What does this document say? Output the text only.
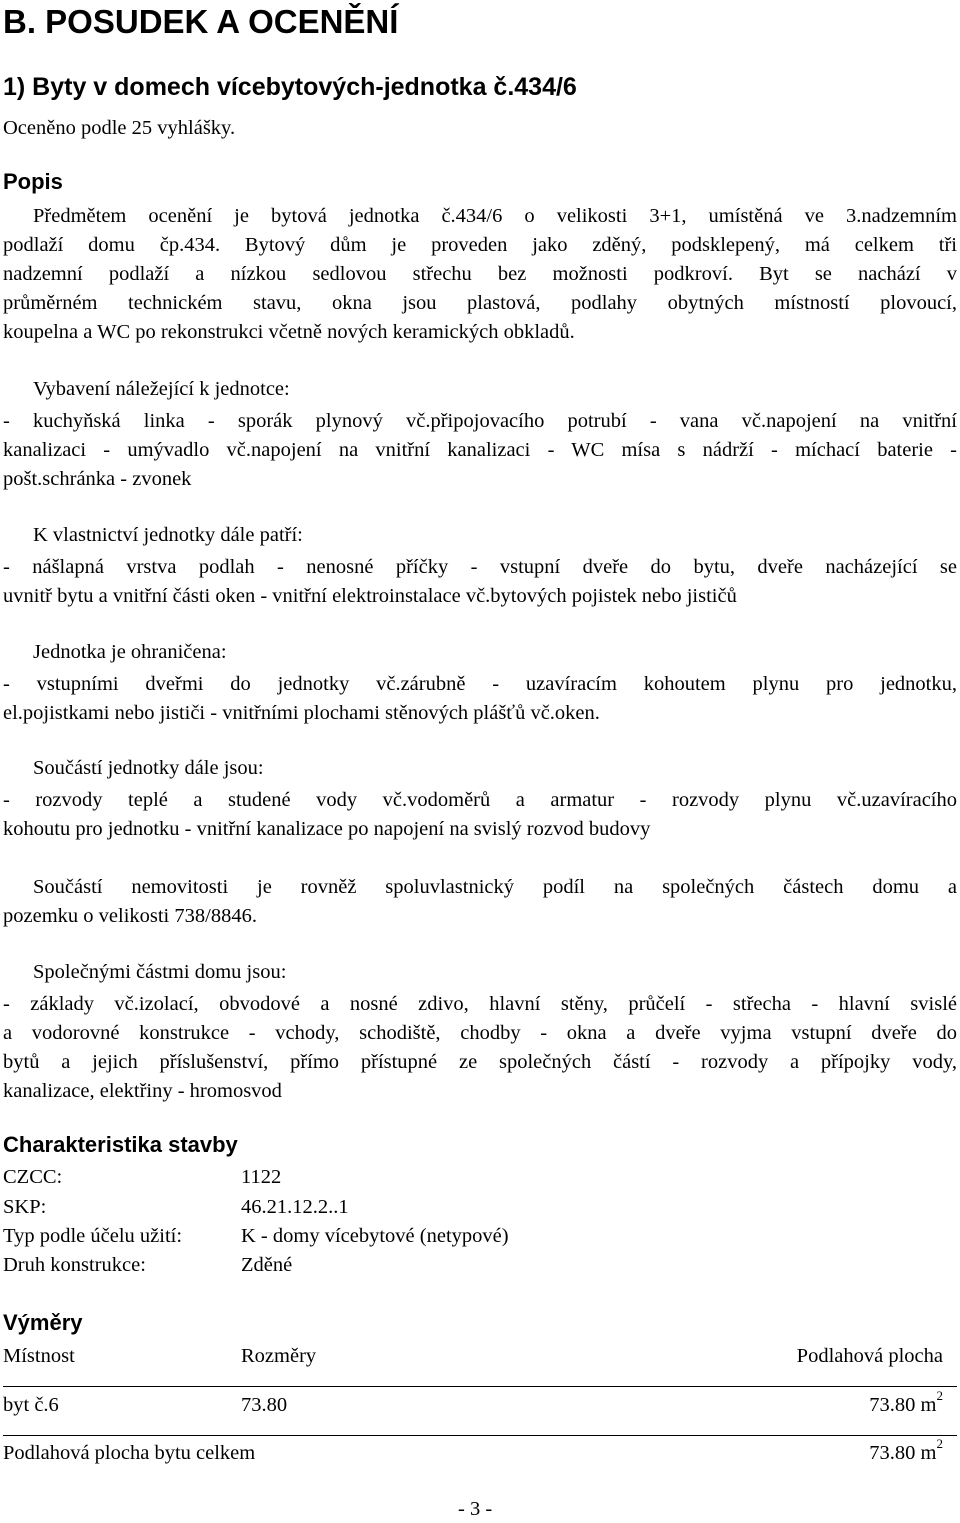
B. POSUDEK A OCENĚNÍ
1) Byty v domech vícebytových-jednotka č.434/6
Oceněno podle 25 vyhlášky.
Popis
Předmětem ocenění je bytová jednotka č.434/6 o velikosti 3+1, umístěná ve 3.nadzemním
podlaží domu čp.434. Bytový dům je proveden jako zděný, podsklepený, má celkem tři
nadzemní podlaží a nízkou sedlovou střechu bez možnosti podkroví. Byt se nachází v
průměrném technickém stavu, okna jsou plastová, podlahy obytných místností plovoucí,
koupelna a WC po rekonstrukci včetně nových keramických obkladů.
Vybavení náležející k jednotce:
- kuchyňská linka - sporák plynový vč.připojovacího potrubí - vana vč.napojení na vnitřní
kanalizaci - umývadlo vč.napojení na vnitřní kanalizaci - WC mísa s nádrží - míchací baterie -
pošt.schránka - zvonek
K vlastnictví jednotky dále patří:
- nášlapná vrstva podlah - nenosné příčky - vstupní dveře do bytu, dveře nacházející se
uvnitř bytu a vnitřní části oken - vnitřní elektroinstalace vč.bytových pojistek nebo jističů
Jednotka je ohraničena:
- vstupními dveřmi do jednotky vč.zárubně - uzavíracím kohoutem plynu pro jednotku,
el.pojistkami nebo jističi - vnitřními plochami stěnových plášťů vč.oken.
Součástí jednotky dále jsou:
- rozvody teplé a studené vody vč.vodoměrů a armatur - rozvody plynu vč.uzavíracího
kohoutu pro jednotku - vnitřní kanalizace po napojení na svislý rozvod budovy
Součástí nemovitosti je rovněž spoluvlastnický podíl na společných částech domu a
pozemku o velikosti 738/8846.
Společnými částmi domu jsou:
- základy vč.izolací, obvodové a nosné zdivo, hlavní stěny, průčelí - střecha - hlavní svislé
a vodorovné konstrukce - vchody, schodiště, chodby - okna a dveře vyjma vstupní dveře do
bytů a jejich příslušenství, přímo přístupné ze společných částí - rozvody a přípojky vody,
kanalizace, elektřiny - hromosvod
Charakteristika stavby
CZCC:	1122
SKP:	46.21.12.2..1
Typ podle účelu užití:	K - domy vícebytové (netypové)
Druh konstrukce:	Zděné
Výměry
Místnost	Rozměry	Podlahová plocha
byt č.6	73.80	73.80 $m^2$
Podlahová plocha bytu celkem	73.80 $m^2$
- 3 -
